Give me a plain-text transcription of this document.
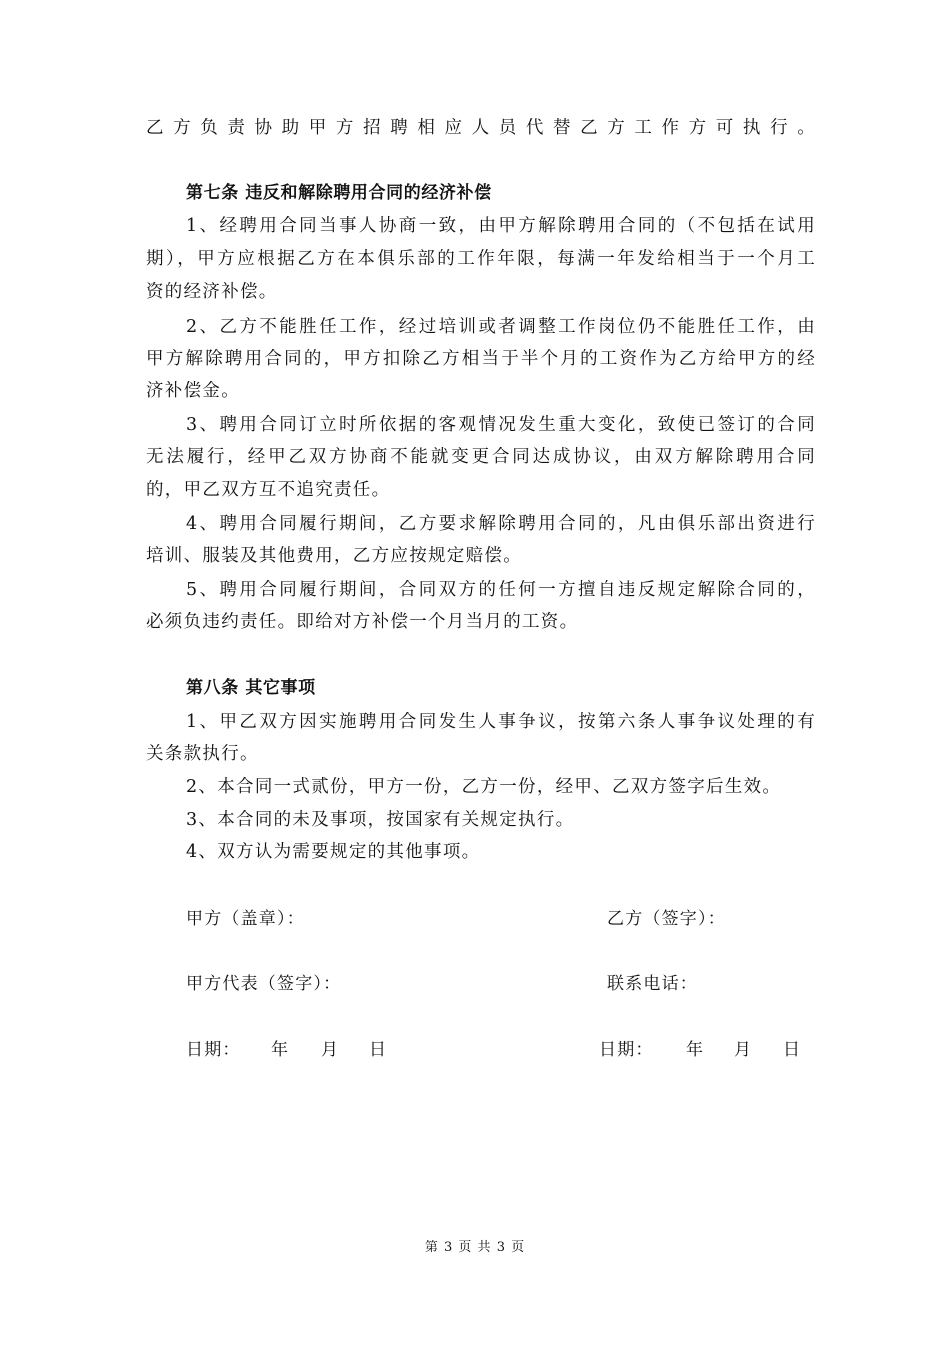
乙方负责协助甲方招聘相应人员代替乙方工作方可执行。
第七条 违反和解除聘用合同的经济补偿
1、经聘用合同当事人协商一致，由甲方解除聘用合同的（不包括在试用
期），甲方应根据乙方在本俱乐部的工作年限，每满一年发给相当于一个月工
资的经济补偿。
2、乙方不能胜任工作，经过培训或者调整工作岗位仍不能胜任工作，由
甲方解除聘用合同的，甲方扣除乙方相当于半个月的工资作为乙方给甲方的经
济补偿金。
3、聘用合同订立时所依据的客观情况发生重大变化，致使已签订的合同
无法履行，经甲乙双方协商不能就变更合同达成协议，由双方解除聘用合同
的，甲乙双方互不追究责任。
4、聘用合同履行期间，乙方要求解除聘用合同的，凡由俱乐部出资进行
培训、服装及其他费用，乙方应按规定赔偿。
5、聘用合同履行期间，合同双方的任何一方擅自违反规定解除合同的，
必须负违约责任。即给对方补偿一个月当月的工资。
第八条 其它事项
1、甲乙双方因实施聘用合同发生人事争议，按第六条人事争议处理的有
关条款执行。
2、本合同一式贰份，甲方一份，乙方一份，经甲、乙双方签字后生效。
3、本合同的未及事项，按国家有关规定执行。
4、双方认为需要规定的其他事项。
甲方（盖章）：	乙方（签字）：
甲方代表（签字）：	联系电话：
日期： 年 月 日	日期： 年 月 日
第 3 页 共 3 页
